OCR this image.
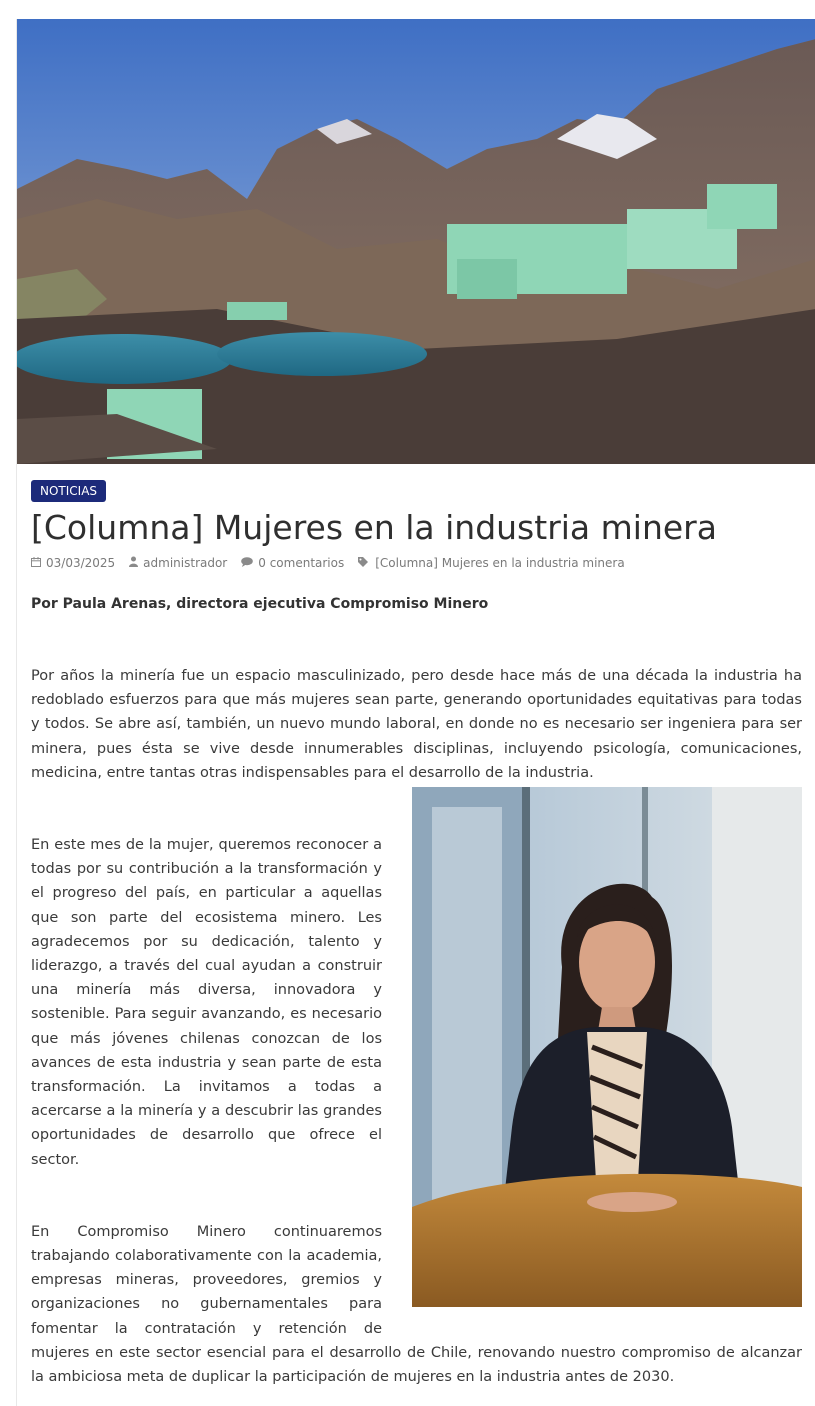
NOTICIAS
[Columna] Mujeres en la industria minera
03/03/2025 administrador	0 comentarios	[Columna] Mujeres en la industria minera
Por Paula Arenas, directora ejecutiva Compromiso Minero

Por años la minería fue un espacio masculinizado, pero desde hace más de una década la industria ha redoblado esfuerzos para que más mujeres sean parte, generando oportunidades equitativas para todas y todos. Se abre así, también, un nuevo mundo laboral, en donde no es necesario ser ingeniera para ser minera, pues ésta se vive desde innumerables disciplinas, incluyendo psicología, comunicaciones, medicina, entre tantas otras indispensables para el desarrollo de la industria.

En este mes de la mujer, queremos reconocer a todas por su contribución a la transformación y el progreso del país, en particular a aquellas que son parte del ecosistema minero. Les agradecemos por su dedicación, talento y liderazgo, a través del cual ayudan a construir una minería más diversa, innovadora y sostenible. Para seguir avanzando, es necesario que más jóvenes chilenas conozcan de los avances de esta industria y sean parte de esta transformación. La invitamos a todas a acercarse a la minería y a descubrir las grandes oportunidades de desarrollo que ofrece el sector.

En Compromiso Minero continuaremos trabajando colaborativamente con la academia, empresas mineras, proveedores, gremios y organizaciones no gubernamentales para fomentar la contratación y retención de mujeres en este sector esencial para el desarrollo de Chile, renovando nuestro compromiso de alcanzar la ambiciosa meta de duplicar la participación de mujeres en la industria antes de 2030.
